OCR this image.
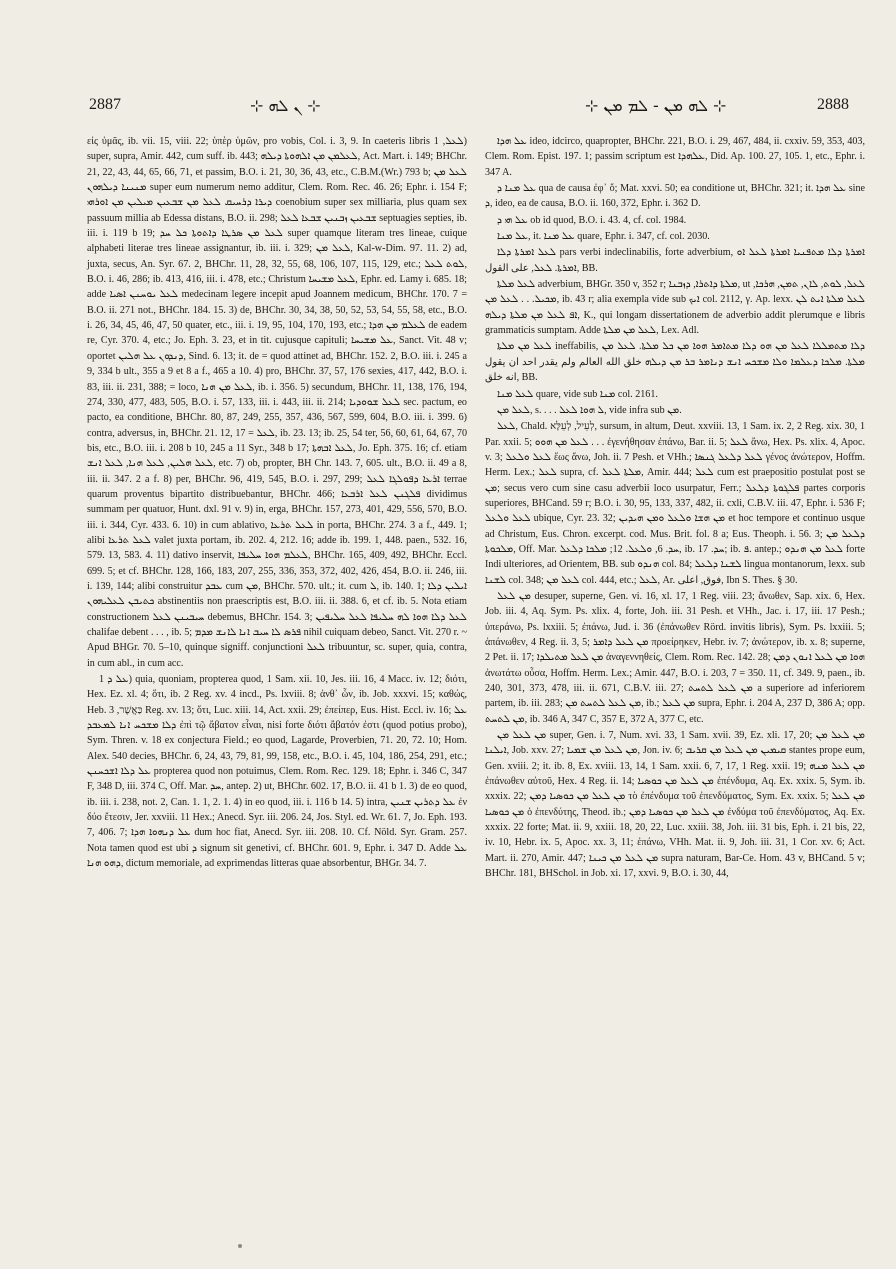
2887	⊹ ܢ ܠܗ ⊹	⊹ ܠܗ ܡܢ - ܠܡ ܡܢ ⊹	2888

εἰς ὑμᾶς, ib. vii. 15, viii. 22; ὑπὲρ ὑμῶν, pro vobis, Col. i. 3, 9. In caeteris libris ܠܥܠ, 1) super, supra, Amir. 442, cum suff. ib. 443; ܠܥܠܡܢ ܡܢ ܐܠܗܘܬܐ ܕܝܠܗ, Act. Mart. i. 149; BHChr. 21, 22, 43, 44, 65, 66, 71, et passim, B.O. i. 21, 30, 36, 43, etc., C.B.M.(Wr.) 793 b; ܠܥܠ ܡܢ ܡܢܝܢܐ ܕܝܠܗܘܢ super eum numerum nemo additur, Clem. Rom. Rec. 46. 26; Ephr. i. 154 F; ܕܝܪܐ ܕܪܚܝܩ ܠܥܠ ܡܢ ܫܒܥܝܢ ܡܝܠܝܢ ܡܢ ܐܘܪܗܝ coenobium super sex milliaria, plus quam sex passuum millia ab Edessa distans, B.O. ii. 298; ܫܒܥܝܢ ܙܒܢܝܢ ܫܒܥܐ ܠܥܠ septuagies septies, ib. iii. i. 119 b 19; ܠܥܠ ܡܢ ܣܪܛܐ ܕܐܬܘܬܐ ܟܠ ܚܕ super quamque literam tres lineae, cuique alphabeti literae tres lineae assignantur, ib. iii. i. 329; ܠܥܠ ܡܢ, Kal-w-Dim. 97. 11. 2) ad, juxta, secus, An. Syr. 67. 2, BHChr. 11, 28, 32, 55, 68, 106, 107, 115, 129, etc.; ܠܘܬ ܠܥܠ, B.O. i. 46, 286; ib. 413, 416, iii. i. 478, etc.; Christum ܠܥܠ ܡܫܝܚܐ, Ephr. ed. Lamy i. 685. 18; adde ܠܥܠ ܝܘܚܢܢ ܐܣܝܐ medecinam legere incepit apud Joannem medicum, BHChr. 170. 7 = B.O. ii. 271 not., BHChr. 184. 15. 3) de, BHChr. 30, 34, 38, 50, 52, 53, 54, 55, 58, etc., B.O. i. 26, 34, 45, 46, 47, 50 quater, etc., iii. i. 19, 95, 104, 170, 193, etc.; ܠܥܠܡ ܡܢ ܗܕܐ de eadem re, Cyr. 370. 4, etc.; Jo. Eph. 3. 23, et in tit. cujusque capituli; ܥܠ ܡܫܝܚܐ, Sanct. Vit. 48 v; oportet ܕܢܕܘܢ ܥܠ ܗܠܝܢ, Sind. 6. 13; it. de = quod attinet ad, BHChr. 152. 2, B.O. iii. i. 245 a 9, 334 b ult., 355 a 9 et 8 a f., 465 a 10. 4) pro, BHChr. 37, 57, 176 sexies, 417, 442, B.O. i. 83, iii. ii. 231, 388; = loco, ܠܥܠ ܡܢ ܗܢܐ, ib. i. 356. 5) secundum, BHChr. 11, 138, 176, 194, 274, 330, 477, 483, 505, B.O. i. 57, 133, iii. i. 443, iii. ii. 214; ܠܥܠ ܫܘܘܕܝܐ sec. pactum, eo pacto, ea conditione, BHChr. 80, 87, 249, 255, 357, 436, 567, 599, 604, B.O. iii. i. 399. 6) contra, adversus, in, BHChr. 21. 12, 17 = ܠܥܠ, ib. 23. 13; ib. 25, 54 ter, 56, 60, 61, 64, 67, 70 bis, etc., B.O. iii. i. 208 b 10, 245 a 11 Syr., 348 b 17; ܠܥܠ ܐܒܗܬܐ, Jo. Eph. 375. 16; cf. etiam ܠܥܠ ܗܠܝܢ, ܠܥܠ ܗܢܐ, ܠܥܠ ܐܢܫ, etc. 7) ob, propter, BH Chr. 143. 7, 605. ult., B.O. ii. 49 a 8, iii. ii. 347. 2 a f. 8) per, BHChr. 96, 419, 545, B.O. i. 297, 299; ܐܪܥܐ ܕܦܘܠܓܐ ܠܥܠ terrae quarum proventus bipartito distribuebantur, BHChr. 466; ܦܠܓܢܢ ܠܥܠ ܐܪܒܥܐ dividimus summam per quatuor, Hunt. dxl. 91 v. 9) in, erga, BHChr. 157, 273, 401, 429, 556, 570, B.O. iii. i. 344, Cyr. 433. 6. 10) in cum ablativo, ܠܥܠ ܬܪܥܐ in porta, BHChr. 274. 3 a f., 449. 1; alibi ܠܥܠ ܬܪܥܐ valet juxta portam, ib. 202. 4, 212. 16; adde ib. 199. 1, 448. paen., 532. 16, 579. 13, 583. 4. 11) dativo inservit, ܠܥܠܡ ܗܘܐ ܚܠܝܦܐ, BHChr. 165, 409, 492, BHChr. Eccl. 699. 5; et cf. BHChr. 128, 166, 183, 207, 255, 336, 353, 372, 402, 426, 454, B.O. ii. 246, iii. i. 139, 144; alibi construitur ܥܒܕ cum ܡܢ, BHChr. 570. ult.; it. cum ܠ, ib. 140. 1; ܐܝܠܝܢ ܕܠܐ ܟܬܝܒܢ ܠܥܠܝܗܘܢ abstinentiis non praescriptis est, B.O. iii. ii. 388. 6, et cf. ib. 5. Nota etiam constructionem ܚܝܒܝܢܢ ܠܥܠ debemus, BHChr. 154. 3; ܠܥܠ ܕܠܐ ܗܘܐ ܠܗ ܚܠܝܦܐ ܠܥܠ ܚܠܝܦܝܢ chalifae debent . . . , ib. 5; ܦܪܣ ܠܐ ܚܝܒ ܐܢܐ ܠܐܢܫ ܡܕܡ nihil cuiquam debeo, Sanct. Vit. 270 r. ~ Apud BHGr. 70. 5–10, quinque signiff. conjunctioni ܠܥܠ tribuuntur, sc. super, quia, contra, in cum abl., in cum acc.

ܥܠ ܕ 1) quia, quoniam, propterea quod, 1 Sam. xii. 10, Jes. iii. 16, 4 Macc. iv. 12; διότι, Hex. Ez. xl. 4; ὅτι, ib. 2 Reg. xv. 4 incd., Ps. lxviii. 8; ἀνθ᾽ ὧν, ib. Job. xxxvi. 15; καθώς, Heb. כַּאֲשֶׁר, 3 Reg. xv. 13; ὅτι, Luc. xiii. 14, Act. xxii. 29; ἐπείπερ, Eus. Hist. Eccl. iv. 16; ܥܠ ܕܠܐ ܡܫܟܚ ܐܢܐ ܠܡܥܒܕ ἐπὶ τῷ ἄβατον εἶναι, nisi forte διότι ἄβατόν ἐστι (quod potius probo), Sym. Thren. v. 18 ex conjectura Field.; eo quod, Lagarde, Proverbien, 71. 20, 72. 10; Hom. Alex. 540 decies, BHChr. 6, 24, 43, 79, 81, 99, 158, etc., B.O. i. 45, 104, 186, 254, 291, etc.; ܥܠ ܕܠܐ ܐܫܟܚܢܢ propterea quod non potuimus, Clem. Rom. Rec. 129. 18; Ephr. i. 346 C, 347 F, 348 D, iii. 374 C, Off. Mar. ܚܕ, antep. 2) ut, BHChr. 602. 17, B.O. ii. 41 b 1. 3) de eo quod, ib. iii. i. 238, not. 2, Can. 1. 1, 2. 1. 4) in eo quod, iii. i. 116 b 14. 5) intra, ܥܠ ܕܬܪܝܢ ܫܢܝܢ ἐν δύο ἔτεσιν, Jer. xxviii. 11 Hex.; Anecd. Syr. iii. 206. 24, Jos. Styl. ed. Wr. 61. 7, Jo. Eph. 193. 7, 406. 7; ܥܠ ܕܢܗܘܐ ܗܕܐ dum hoc fiat, Anecd. Syr. iii. 208. 10. Cf. Nöld. Syr. Gram. 257. Nota tamen quod est ubi ܕ signum sit genetivi, cf. BHChr. 601. 9, Ephr. i. 347 D. Adde ܥܠ ܕܗܘ ܗܢܐ, dictum memoriale, ad exprimendas litteras quae absorbentur, BHGr. 34. 7.

ܥܠ ܗܕܐ ideo, idcirco, quapropter, BHChr. 221, B.O. i. 29, 467, 484, ii. cxxiv. 59, 353, 403, Clem. Rom. Epist. 197. 1; passim scriptum est ܥܠܗܕܐ, Did. Ap. 100. 27, 105. 1, etc., Ephr. i. 347 A.

ܥܠ ܡܢܐ ܕ qua de causa ἐφ᾽ ὅ; Mat. xxvi. 50; ea conditione ut, BHChr. 321; it. ܥܠ ܗܕܐ sine ܕ, ideo, ea de causa, B.O. ii. 160, 372, Ephr. i. 362 D.

ܥܠ ܗܝ ܕ ob id quod, B.O. i. 43. 4, cf. col. 1984.

ܥܠ ܡܢܐ, it. ܥܠ ܡܢܐ quare, Ephr. i. 347, cf. col. 2030.

ܠܥܠ ܐܡܪܬܐ ܕܠܐ pars verbi indeclinabilis, forte adverbium, ܐܡܪܬܐ ܕܠܐ ܡܬܦܢܝܐ ܐܡܪܬܐ ܠܥܠ ܐܘ ܐܡܪܬܐ. ܠܥܠ, على القول, BB.

ܠܥܠ ܡܠܬܐ adverbium, BHGr. 350 v, 352 r; ܡܠܬܐ ܕܐܬܪܐ, ܕܙܒܢܐ, ut ܠܥܠ, ܠܘܬ, ܠܐܢ, ܬܡܢ, ܗܪܟܐ, ܡܟܝܠ. . . ܠܥܠ ܡܢ, ib. 43 r; alia exempla vide sub ܐܝܟ col. 2112, γ. Ap. lexx. ܠܥܠ ܡܠܬܐ ܐܝܬ ܠܢ ܐܦ ܠܥܠ ܡܢ ܡܠܬܐ ܕܝܠܗ, K., qui longam dissertationem de adverbio addit plerumque e libris grammaticis sumptam. Adde ܠܥܠ ܡܢ ܡܠܬܐ, Lex. Adl.

ܠܥܠ ܡܢ ܡܠܬܐ ineffabilis, ܕܠܐ ܡܬܡܠܠܐ ܠܥܠ ܡܢ ܗܘ ܕܠܐ ܡܬܐܡܪ ܗܘܐ ܡܢ ܟܠ ܡܠܬܐ. ܠܥܠ ܡܢ ܡܠܬܐ. ܡܠܟܐ ܕܥܠܡܐ ܘܠܐ ܡܫܟܚ ܐܢܫ ܕܢܐܡܪ ܒܪ ܡܢ ܕܝܠܗ خلق الله العالم ولم يقدر احد ان يقول انه خلق, BB.

ܠܥܠ ܡܢܐ quare, vide sub ܡܢܐ col. 2161.

ܠܥܠ ܡܢ, s. . . . ܠ ܗܘܐ ܠܥܠ, vide infra sub ܡܢ.

ܠܥܠ, Chald. לְעֵיל, לְעֵלָּא, sursum, in altum, Deut. xxviii. 13, 1 Sam. ix. 2, 2 Reg. xix. 30, 1 Par. xxii. 5; ܠܥܠ ܡܢ ܗܘܘ . . . ἐγενήθησαν ἐπάνω, Bar. ii. 5; ܠܥܠ ἄνω, Hex. Ps. xlix. 4, Apoc. v. 3; ܠܥܠ ܘܠܥܠ ἕως ἄνω, Joh. ii. 7 Pesh. et VHh.; ܠܥܠ ܕܠܥܠ ܓܢܣܐ γένος ἀνώτερον, Hoffm. Herm. Lex.; ܠܥܠ supra, cf. ܡܠܬܐ ܠܥܠ, Amir. 444; ܠܥܠ cum est praepositio postulat post se ܡܢ; secus vero cum sine casu adverbii loco usurpatur, Ferr.; ܦܠܓܘܬܐ ܕܠܥܠ partes corporis superiores, BHCand. 59 r; B.O. i. 30, 95, 133, 337, 482, ii. cxli, C.B.V. iii. 47, Ephr. i. 536 F; ܠܥܠ ܘܠܥܠ ubique, Cyr. 23. 32; ܡܢ ܗܫܐ ܘܠܥܠ ܘܡܢ ܗܝܕܝܢ et hoc tempore et continuo usque ad Christum, Eus. Chron. excerpt. cod. Mus. Brit. fol. 8 a; Eus. Theoph. i. 56. 3; ܕܠܥܠ ܡܢ ܡܠܟܘܬܐ, Off. Mar. ܚܕ. 6, ܘܠܥܠ. 12; ܡܠܟܐ ܕܠܥܠ, ib. ܚܕ. 17; ib. ܦ. antep.; ܠܥܠ ܡܢ ܗܢܕܘ forte Indi ulteriores, ad Orientem, BB. sub ܗܢܕܘ col. 84; ܠܫܢܐ ܕܠܥܠ lingua montanorum, lexx. sub ܠܫܢܐ col. 348; ܠܥܠ ܡܢ col. 444, etc.; ܠܥܠ, Ar. فوق, اعلى, Ibn S. Thes. § 30.

ܡܢ ܠܥܠ desuper, superne, Gen. vi. 16, xl. 17, 1 Reg. viii. 23; ἄνωθεν, Sap. xix. 6, Hex. Job. iii. 4, Aq. Sym. Ps. xlix. 4, forte, Joh. iii. 31 Pesh. et VHh., Jac. i. 17, iii. 17 Pesh.; ὑπεράνω, Ps. lxxiii. 5; ἐπάνω, Jud. i. 36 (ἐπάνωθεν Rörd. invitis libris), Sym. Ps. lxxiii. 5; ἀπάνωθεν, 4 Reg. ii. 3, 5; ܡܢ ܠܥܠ ܕܐܡܪ προείρηκεν, Hebr. iv. 7; ἀνώτερον, ib. x. 8; superne, 2 Pet. ii. 17; ܡܢ ܠܥܠ ܡܬܝܠܕܐ ἀναγεννηθείς, Clem. Rom. Rec. 142. 28; ܗܘܐ ܡܢ ܠܥܠ ܐܢܘܢ ܕܡܢ ἀνωτάτω οὖσα, Hoffm. Herm. Lex.; Amir. 447, B.O. i. 203, 7 = 350. 11, cf. 349. 9, paen., ib. 240, 301, 373, 478, iii. ii. 671, C.B.V. iii. 27; ܡܢ ܠܥܠ ܠܬܚܬ a superiore ad inferiorem partem, ib. iii. 283; ܡܢ ܠܥܠ ܠܬܚܬ ܡܢ, ib.; ܡܢ ܠܥܠ supra, Ephr. i. 204 A, 237 D, 386 A; opp. ܡܢ ܠܬܚܬ, ib. 346 A, 347 C, 357 E, 372 A, 377 C, etc.

ܡܢ ܠܥܠ ܡܢ super, Gen. i. 7, Num. xvi. 33, 1 Sam. xvii. 39, Ez. xli. 17, 20; ܡܢ ܠܥܠ ܡܢ ܐܝܠܢܐ, Job. xxv. 27; ܡܢ ܠܥܠ ܡܢ ܫܡܝܐ, Jon. iv. 6; ܩܝܡܝܢ ܡܢ ܠܥܠ ܡܢ ܩܪܝܒ stantes prope eum, Gen. xviii. 2; it. ib. 8, Ex. xviii. 13, 14, 1 Sam. xxii. 6, 7, 17, 1 Reg. xxii. 19; ܡܢ ܠܥܠ ܡܢܗ ἐπάνωθεν αὐτοῦ, Hex. 4 Reg. ii. 14; ܡܢ ܠܥܠ ܡܢ ܟܘܣܝܐ ἐπένδυμα, Aq. Ex. xxix. 5, Sym. ib. xxxix. 22; ܡܢ ܠܥܠ ܡܢ ܟܘܣܝܐ ܕܡܢ τὸ ἐπένδυμα τοῦ ἐπενδύματος, Sym. Ex. xxix. 5; ܡܢ ܠܥܠ ܡܢ ܟܘܣܝܐ ὁ ἐπενδύτης, Theod. ib.; ܡܢ ܠܥܠ ܡܢ ܟܘܣܝܐ ܕܡܢ ἐνδύμα τοῦ ἐπενδύματος, Aq. Ex. xxxix. 22 forte; Mat. ii. 9, xxiii. 18, 20, 22, Luc. xxiii. 38, Joh. iii. 31 bis, Eph. i. 21 bis, 22, iv. 10, Hebr. ix. 5, Apoc. xx. 3, 11; ἐπάνω, VHh. Mat. ii. 9, Joh. iii. 31, 1 Cor. xv. 6; Act. Mart. ii. 270, Amir. 447; ܡܢ ܠܥܠ ܡܢ ܟܝܢܐ supra naturam, Bar-Ce. Hom. 43 v, BHCand. 5 v; BHChr. 181, BHSchol. in Job. xi. 17, xxvi. 9, B.O. i. 30, 44,
